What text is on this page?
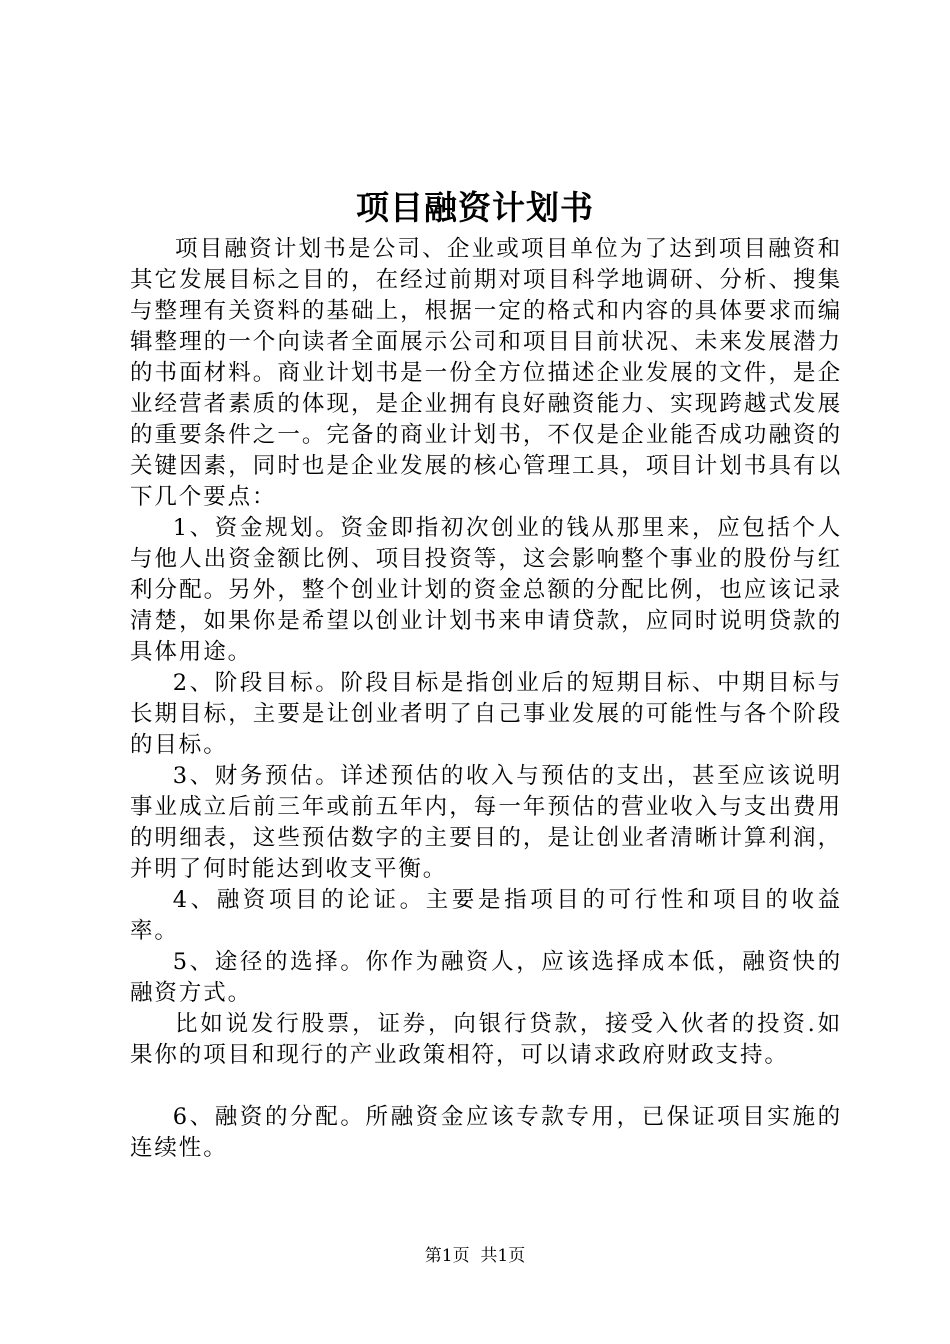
项目融资计划书

项目融资计划书是公司、企业或项目单位为了达到项目融资和其它发展目标之目的，在经过前期对项目科学地调研、分析、搜集与整理有关资料的基础上，根据一定的格式和内容的具体要求而编辑整理的一个向读者全面展示公司和项目目前状况、未来发展潜力的书面材料。商业计划书是一份全方位描述企业发展的文件，是企业经营者素质的体现，是企业拥有良好融资能力、实现跨越式发展的重要条件之一。完备的商业计划书，不仅是企业能否成功融资的关键因素，同时也是企业发展的核心管理工具，项目计划书具有以下几个要点：

1、资金规划。资金即指初次创业的钱从那里来，应包括个人与他人出资金额比例、项目投资等，这会影响整个事业的股份与红利分配。另外，整个创业计划的资金总额的分配比例，也应该记录清楚，如果你是希望以创业计划书来申请贷款，应同时说明贷款的具体用途。

2、阶段目标。阶段目标是指创业后的短期目标、中期目标与长期目标，主要是让创业者明了自己事业发展的可能性与各个阶段的目标。

3、财务预估。详述预估的收入与预估的支出，甚至应该说明事业成立后前三年或前五年内，每一年预估的营业收入与支出费用的明细表，这些预估数字的主要目的，是让创业者清晰计算利润，并明了何时能达到收支平衡。

4、融资项目的论证。主要是指项目的可行性和项目的收益率。

5、途径的选择。你作为融资人，应该选择成本低，融资快的融资方式。

比如说发行股票，证券，向银行贷款，接受入伙者的投资.如果你的项目和现行的产业政策相符，可以请求政府财政支持。

6、融资的分配。所融资金应该专款专用，已保证项目实施的连续性。

第1页  共1页
